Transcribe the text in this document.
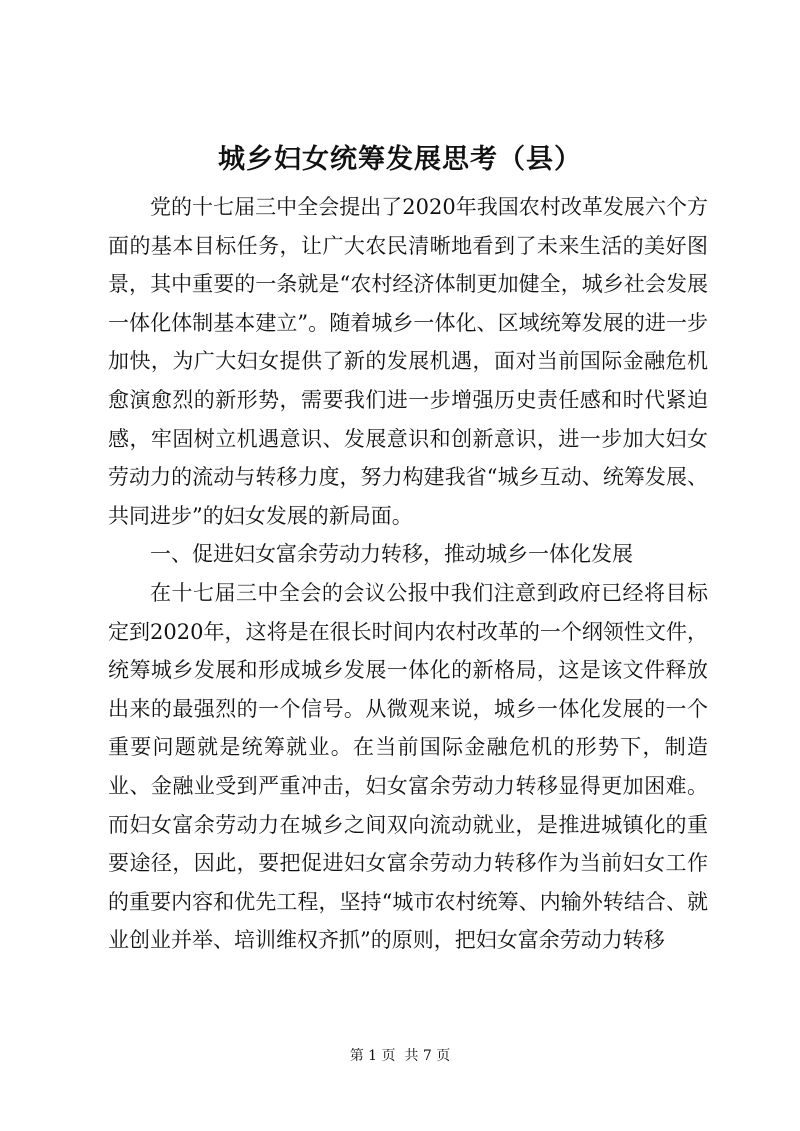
城乡妇女统筹发展思考（县）

党的十七届三中全会提出了2020年我国农村改革发展六个方面的基本目标任务，让广大农民清晰地看到了未来生活的美好图景，其中重要的一条就是“农村经济体制更加健全，城乡社会发展一体化体制基本建立”。随着城乡一体化、区域统筹发展的进一步加快，为广大妇女提供了新的发展机遇，面对当前国际金融危机愈演愈烈的新形势，需要我们进一步增强历史责任感和时代紧迫感，牢固树立机遇意识、发展意识和创新意识，进一步加大妇女劳动力的流动与转移力度，努力构建我省“城乡互动、统筹发展、共同进步”的妇女发展的新局面。

一、促进妇女富余劳动力转移，推动城乡一体化发展

在十七届三中全会的会议公报中我们注意到政府已经将目标定到2020年，这将是在很长时间内农村改革的一个纲领性文件，统筹城乡发展和形成城乡发展一体化的新格局，这是该文件释放出来的最强烈的一个信号。从微观来说，城乡一体化发展的一个重要问题就是统筹就业。在当前国际金融危机的形势下，制造业、金融业受到严重冲击，妇女富余劳动力转移显得更加困难。而妇女富余劳动力在城乡之间双向流动就业，是推进城镇化的重要途径，因此，要把促进妇女富余劳动力转移作为当前妇女工作的重要内容和优先工程，坚持“城市农村统筹、内输外转结合、就业创业并举、培训维权齐抓”的原则，把妇女富余劳动力转移

第 1 页  共 7 页
